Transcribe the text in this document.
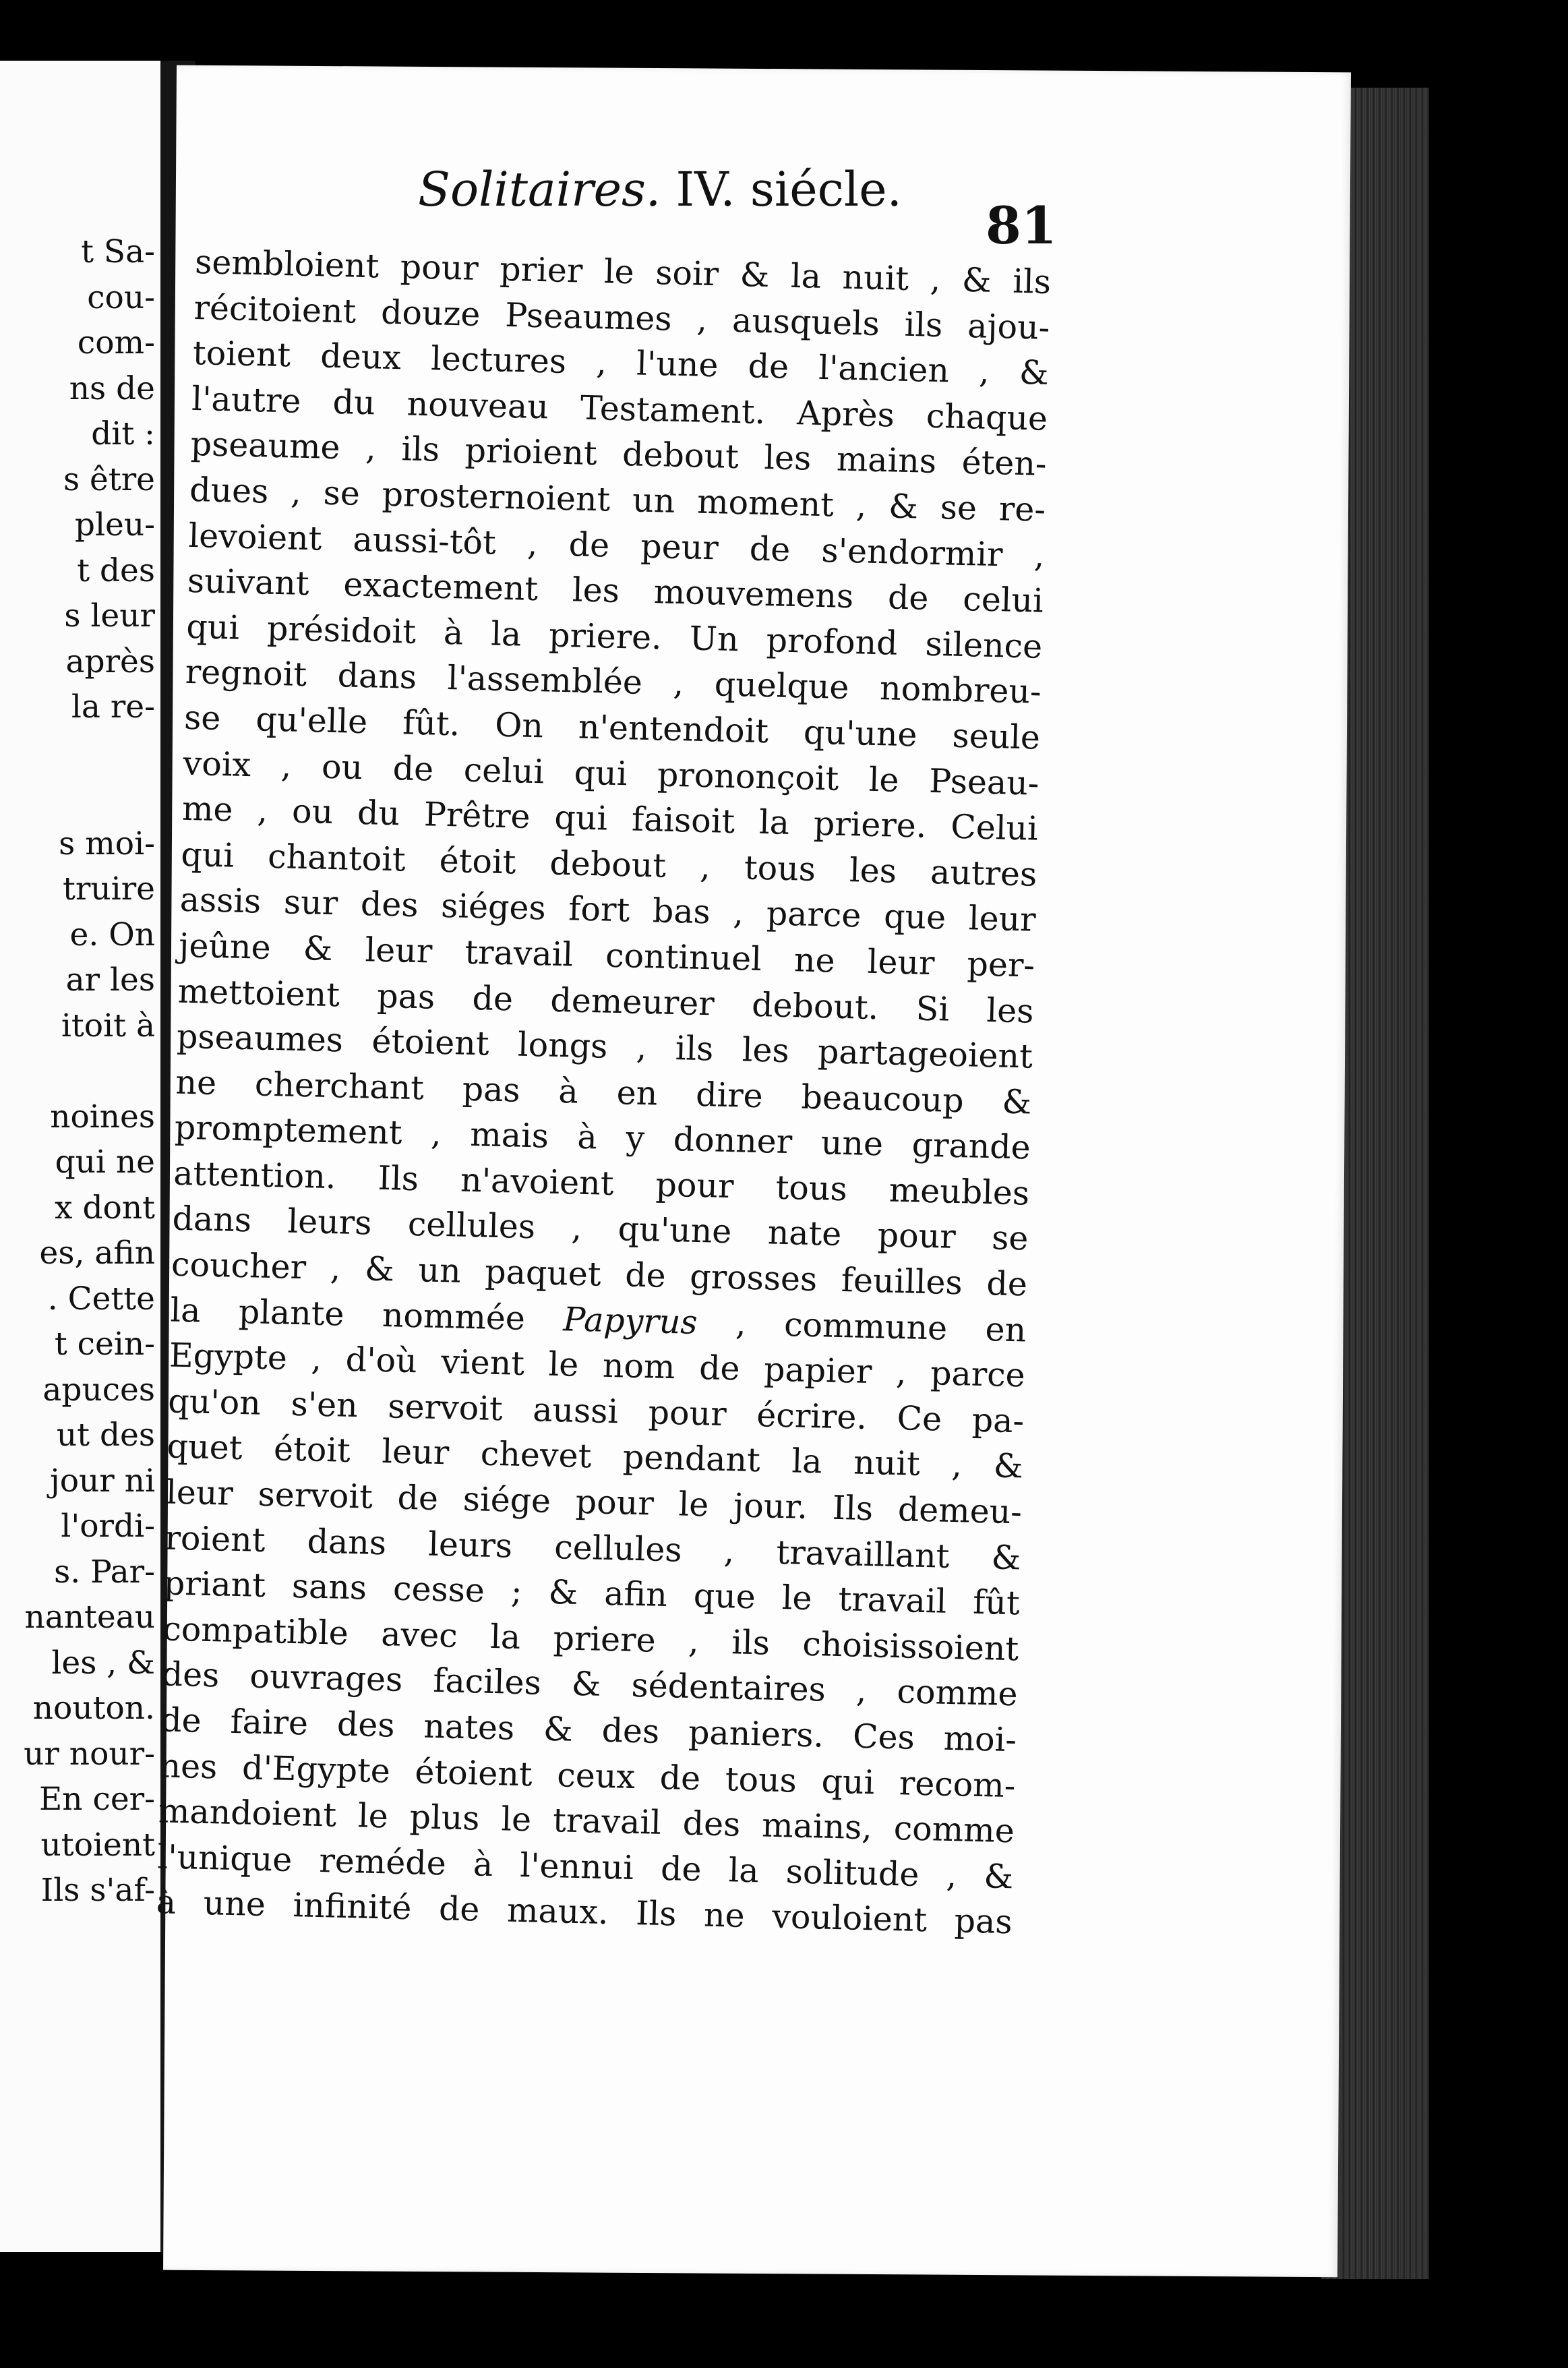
t Sa-
cou-
com-
ns de
dit :
s être
pleu-
t des
s leur
après
la re-
s moi-
truire
e. On
ar les
itoit à
noines
qui ne
x dont
es, afin
. Cette
t cein-
apuces
ut des
jour ni
l'ordi-
s. Par-
nanteau
les , &
nouton.
ur nour-
En cer-
utoient
Ils s'af-
Solitaires. IV. siécle.
81
sembloient pour prier le soir & la nuit , & ils
récitoient douze Pseaumes , ausquels ils ajou-
toient deux lectures , l'une de l'ancien , &
l'autre du nouveau Testament. Après chaque
pseaume , ils prioient debout les mains éten-
dues , se prosternoient un moment , & se re-
levoient aussi-tôt , de peur de s'endormir ,
suivant exactement les mouvemens de celui
qui présidoit à la priere. Un profond silence
regnoit dans l'assemblée , quelque nombreu-
se qu'elle fût. On n'entendoit qu'une seule
voix , ou de celui qui prononçoit le Pseau-
me , ou du Prêtre qui faisoit la priere. Celui
qui chantoit étoit debout , tous les autres
assis sur des siéges fort bas , parce que leur
jeûne & leur travail continuel ne leur per-
mettoient pas de demeurer debout. Si les
pseaumes étoient longs , ils les partageoient
ne cherchant pas à en dire beaucoup &
promptement , mais à y donner une grande
attention. Ils n'avoient pour tous meubles
dans leurs cellules , qu'une nate pour se
coucher , & un paquet de grosses feuilles de
la plante nommée Papyrus , commune en
Egypte , d'où vient le nom de papier , parce
qu'on s'en servoit aussi pour écrire. Ce pa-
quet étoit leur chevet pendant la nuit , &
leur servoit de siége pour le jour. Ils demeu-
roient dans leurs cellules , travaillant &
priant sans cesse ; & afin que le travail fût
compatible avec la priere , ils choisissoient
des ouvrages faciles & sédentaires , comme
de faire des nates & des paniers. Ces moi-
nes d'Egypte étoient ceux de tous qui recom-
mandoient le plus le travail des mains, comme
l'unique reméde à l'ennui de la solitude , &
à une infinité de maux. Ils ne vouloient pas
